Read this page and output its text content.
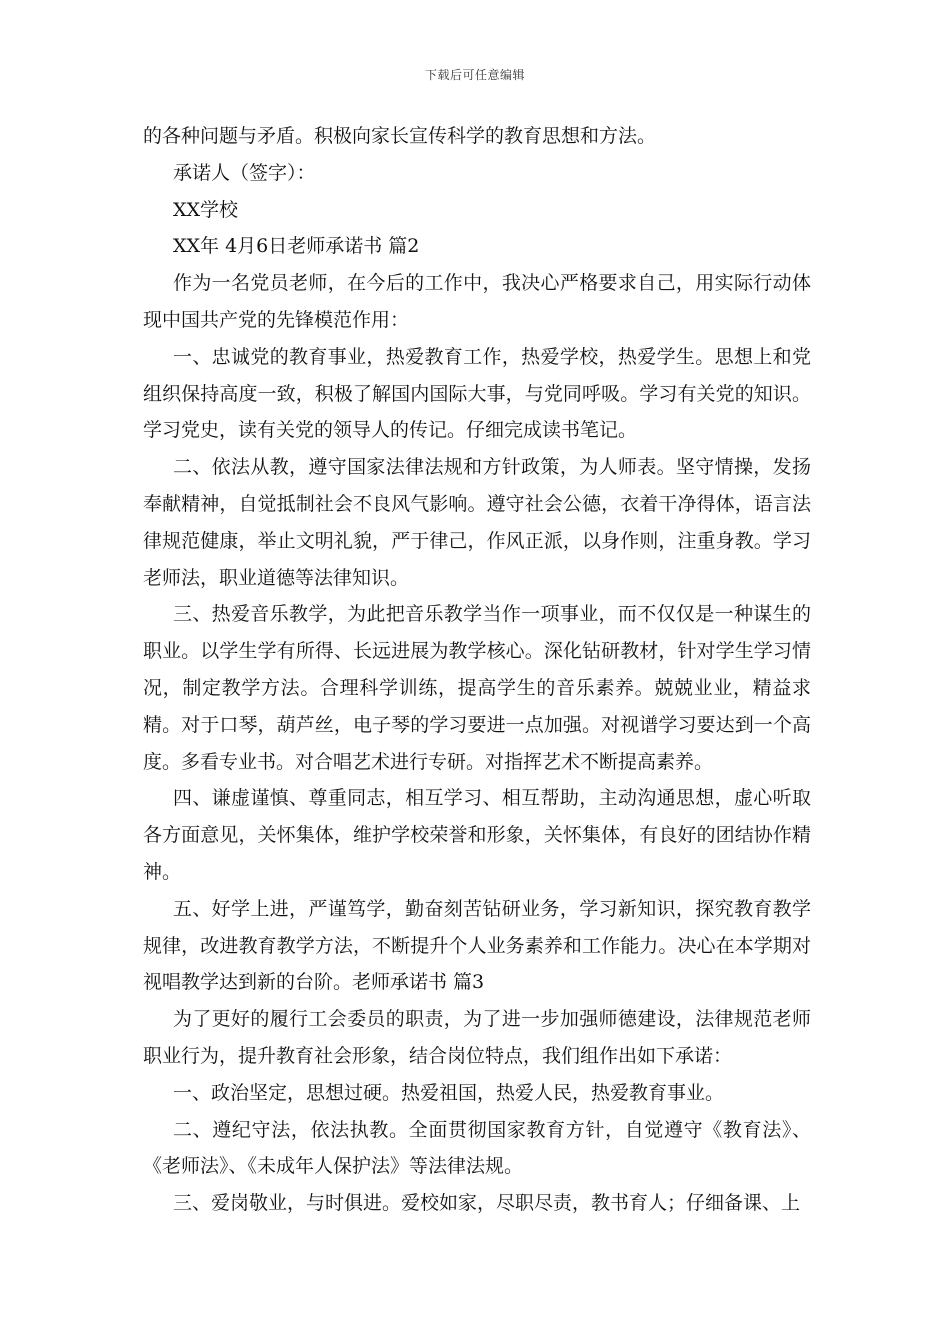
下载后可任意编辑

的各种问题与矛盾。积极向家长宣传科学的教育思想和方法。

承诺人（签字）：

XX学校

XX年 4月6日老师承诺书 篇2

作为一名党员老师，在今后的工作中，我决心严格要求自己，用实际行动体现中国共产党的先锋模范作用：

一、忠诚党的教育事业，热爱教育工作，热爱学校，热爱学生。思想上和党组织保持高度一致，积极了解国内国际大事，与党同呼吸。学习有关党的知识。学习党史，读有关党的领导人的传记。仔细完成读书笔记。

二、依法从教，遵守国家法律法规和方针政策，为人师表。坚守情操，发扬奉献精神，自觉抵制社会不良风气影响。遵守社会公德，衣着干净得体，语言法律规范健康，举止文明礼貌，严于律己，作风正派，以身作则，注重身教。学习老师法，职业道德等法律知识。

三、热爱音乐教学，为此把音乐教学当作一项事业，而不仅仅是一种谋生的职业。以学生学有所得、长远进展为教学核心。深化钻研教材，针对学生学习情况，制定教学方法。合理科学训练，提高学生的音乐素养。兢兢业业，精益求精。对于口琴，葫芦丝，电子琴的学习要进一点加强。对视谱学习要达到一个高度。多看专业书。对合唱艺术进行专研。对指挥艺术不断提高素养。

四、谦虚谨慎、尊重同志，相互学习、相互帮助，主动沟通思想，虚心听取各方面意见，关怀集体，维护学校荣誉和形象，关怀集体，有良好的团结协作精神。

五、好学上进，严谨笃学，勤奋刻苦钻研业务，学习新知识，探究教育教学规律，改进教育教学方法，不断提升个人业务素养和工作能力。决心在本学期对视唱教学达到新的台阶。老师承诺书 篇3

为了更好的履行工会委员的职责，为了进一步加强师德建设，法律规范老师职业行为，提升教育社会形象，结合岗位特点，我们组作出如下承诺：

一、政治坚定，思想过硬。热爱祖国，热爱人民，热爱教育事业。

二、遵纪守法，依法执教。全面贯彻国家教育方针，自觉遵守《教育法》、《老师法》、《未成年人保护法》等法律法规。

三、爱岗敬业，与时俱进。爱校如家，尽职尽责，教书育人；仔细备课、上
